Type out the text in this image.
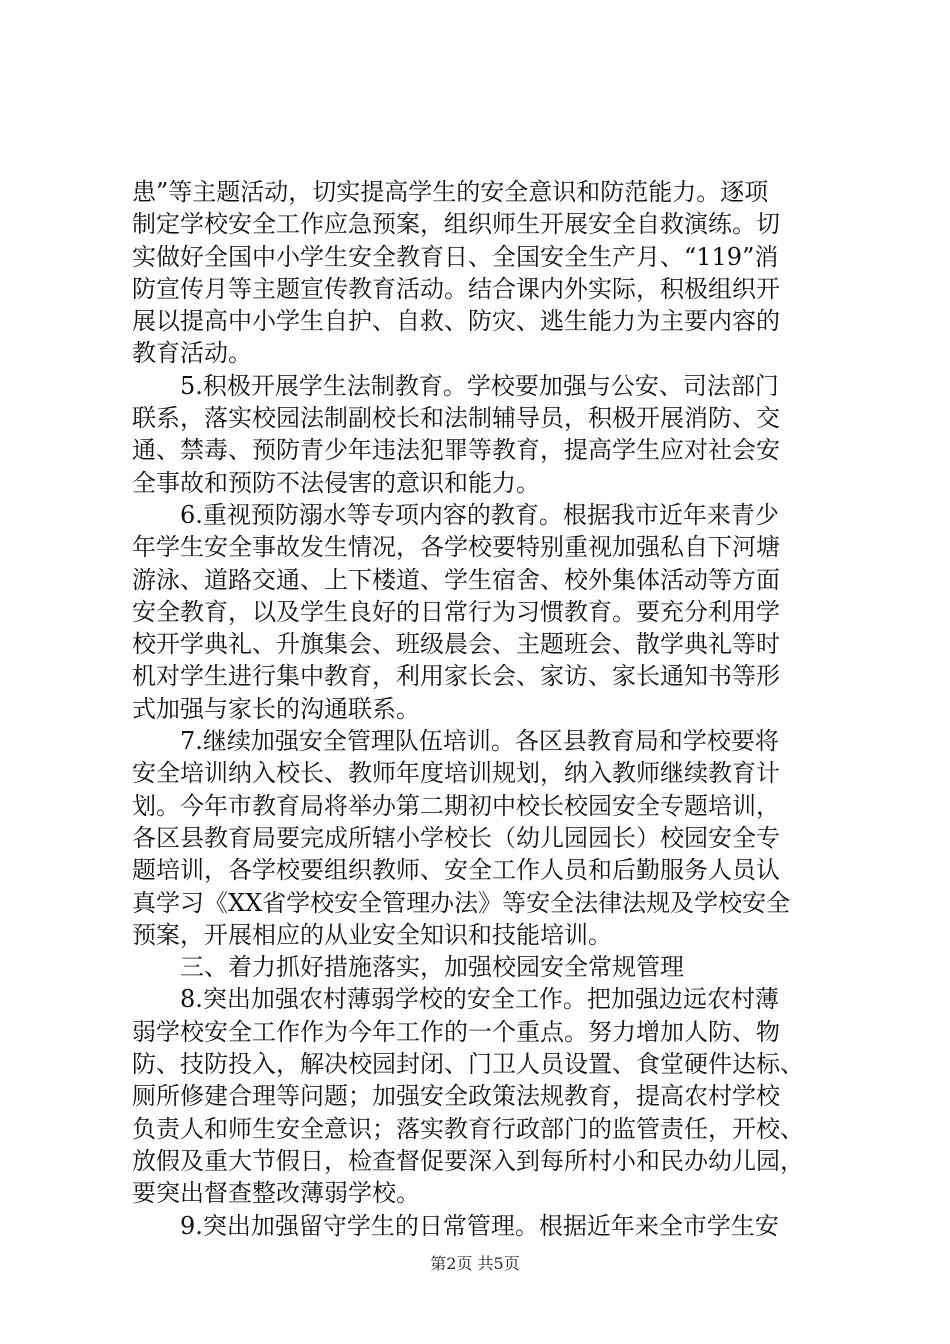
患”等主题活动，切实提高学生的安全意识和防范能力。逐项
制定学校安全工作应急预案，组织师生开展安全自救演练。切
实做好全国中小学生安全教育日、全国安全生产月、“119”消
防宣传月等主题宣传教育活动。结合课内外实际，积极组织开
展以提高中小学生自护、自救、防灾、逃生能力为主要内容的
教育活动。
5.积极开展学生法制教育。学校要加强与公安、司法部门
联系，落实校园法制副校长和法制辅导员，积极开展消防、交
通、禁毒、预防青少年违法犯罪等教育，提高学生应对社会安
全事故和预防不法侵害的意识和能力。
6.重视预防溺水等专项内容的教育。根据我市近年来青少
年学生安全事故发生情况，各学校要特别重视加强私自下河塘
游泳、道路交通、上下楼道、学生宿舍、校外集体活动等方面
安全教育，以及学生良好的日常行为习惯教育。要充分利用学
校开学典礼、升旗集会、班级晨会、主题班会、散学典礼等时
机对学生进行集中教育，利用家长会、家访、家长通知书等形
式加强与家长的沟通联系。
7.继续加强安全管理队伍培训。各区县教育局和学校要将
安全培训纳入校长、教师年度培训规划，纳入教师继续教育计
划。今年市教育局将举办第二期初中校长校园安全专题培训，
各区县教育局要完成所辖小学校长（幼儿园园长）校园安全专
题培训，各学校要组织教师、安全工作人员和后勤服务人员认
真学习《XX省学校安全管理办法》等安全法律法规及学校安全
预案，开展相应的从业安全知识和技能培训。
三、着力抓好措施落实，加强校园安全常规管理
8.突出加强农村薄弱学校的安全工作。把加强边远农村薄
弱学校安全工作作为今年工作的一个重点。努力增加人防、物
防、技防投入，解决校园封闭、门卫人员设置、食堂硬件达标、
厕所修建合理等问题；加强安全政策法规教育，提高农村学校
负责人和师生安全意识；落实教育行政部门的监管责任，开校、
放假及重大节假日，检查督促要深入到每所村小和民办幼儿园，
要突出督查整改薄弱学校。
9.突出加强留守学生的日常管理。根据近年来全市学生安
第2页 共5页
